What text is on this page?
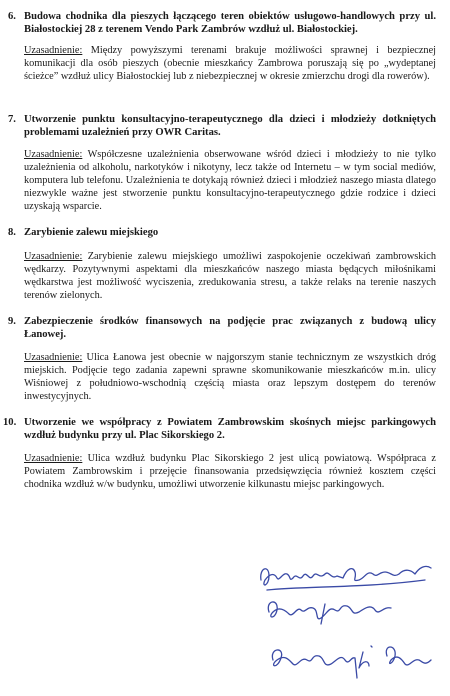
6. Budowa chodnika dla pieszych łączącego teren obiektów usługowo-handlowych przy ul. Białostockiej 28 z terenem Vendo Park Zambrów wzdłuż ul. Białostockiej.
Uzasadnienie: Między powyższymi terenami brakuje możliwości sprawnej i bezpiecznej komunikacji dla osób pieszych (obecnie mieszkańcy Zambrowa poruszają się po „wydeptanej ścieżce” wzdłuż ulicy Białostockiej lub z niebezpiecznej w okresie zmierzchu drogi dla rowerów).
7. Utworzenie punktu konsultacyjno-terapeutycznego dla dzieci i młodzieży dotkniętych problemami uzależnień przy OWR Caritas.
Uzasadnienie: Współczesne uzależnienia obserwowane wśród dzieci i młodzieży to nie tylko uzależnienia od alkoholu, narkotyków i nikotyny, lecz także od Internetu – w tym social mediów, komputera lub telefonu. Uzależnienia te dotykają również dzieci i młodzież naszego miasta dlatego niezwykle ważne jest stworzenie punktu konsultacyjno-terapeutycznego gdzie rodzice i dzieci uzyskają wsparcie.
8. Zarybienie zalewu miejskiego
Uzasadnienie: Zarybienie zalewu miejskiego umożliwi zaspokojenie oczekiwań zambrowskich wędkarzy. Pozytywnymi aspektami dla mieszkańców naszego miasta będących miłośnikami wędkarstwa jest możliwość wyciszenia, zredukowania stresu, a także relaks na terenie naszych terenów zielonych.
9. Zabezpieczenie środków finansowych na podjęcie prac związanych z budową ulicy Łanowej.
Uzasadnienie: Ulica Łanowa jest obecnie w najgorszym stanie technicznym ze wszystkich dróg miejskich. Podjęcie tego zadania zapewni sprawne skomunikowanie mieszkańców m.in. ulicy Wiśniowej z południowo-wschodnią częścią miasta oraz lepszym dostępem do terenów inwestycyjnych.
10. Utworzenie we współpracy z Powiatem Zambrowskim skośnych miejsc parkingowych wzdłuż budynku przy ul. Plac Sikorskiego 2.
Uzasadnienie: Ulica wzdłuż budynku Plac Sikorskiego 2 jest ulicą powiatową. Współpraca z Powiatem Zambrowskim i przejęcie finansowania przedsięwzięcia również kosztem części chodnika wzdłuż w/w budynku, umożliwi utworzenie kilkunastu miejsc parkingowych.
